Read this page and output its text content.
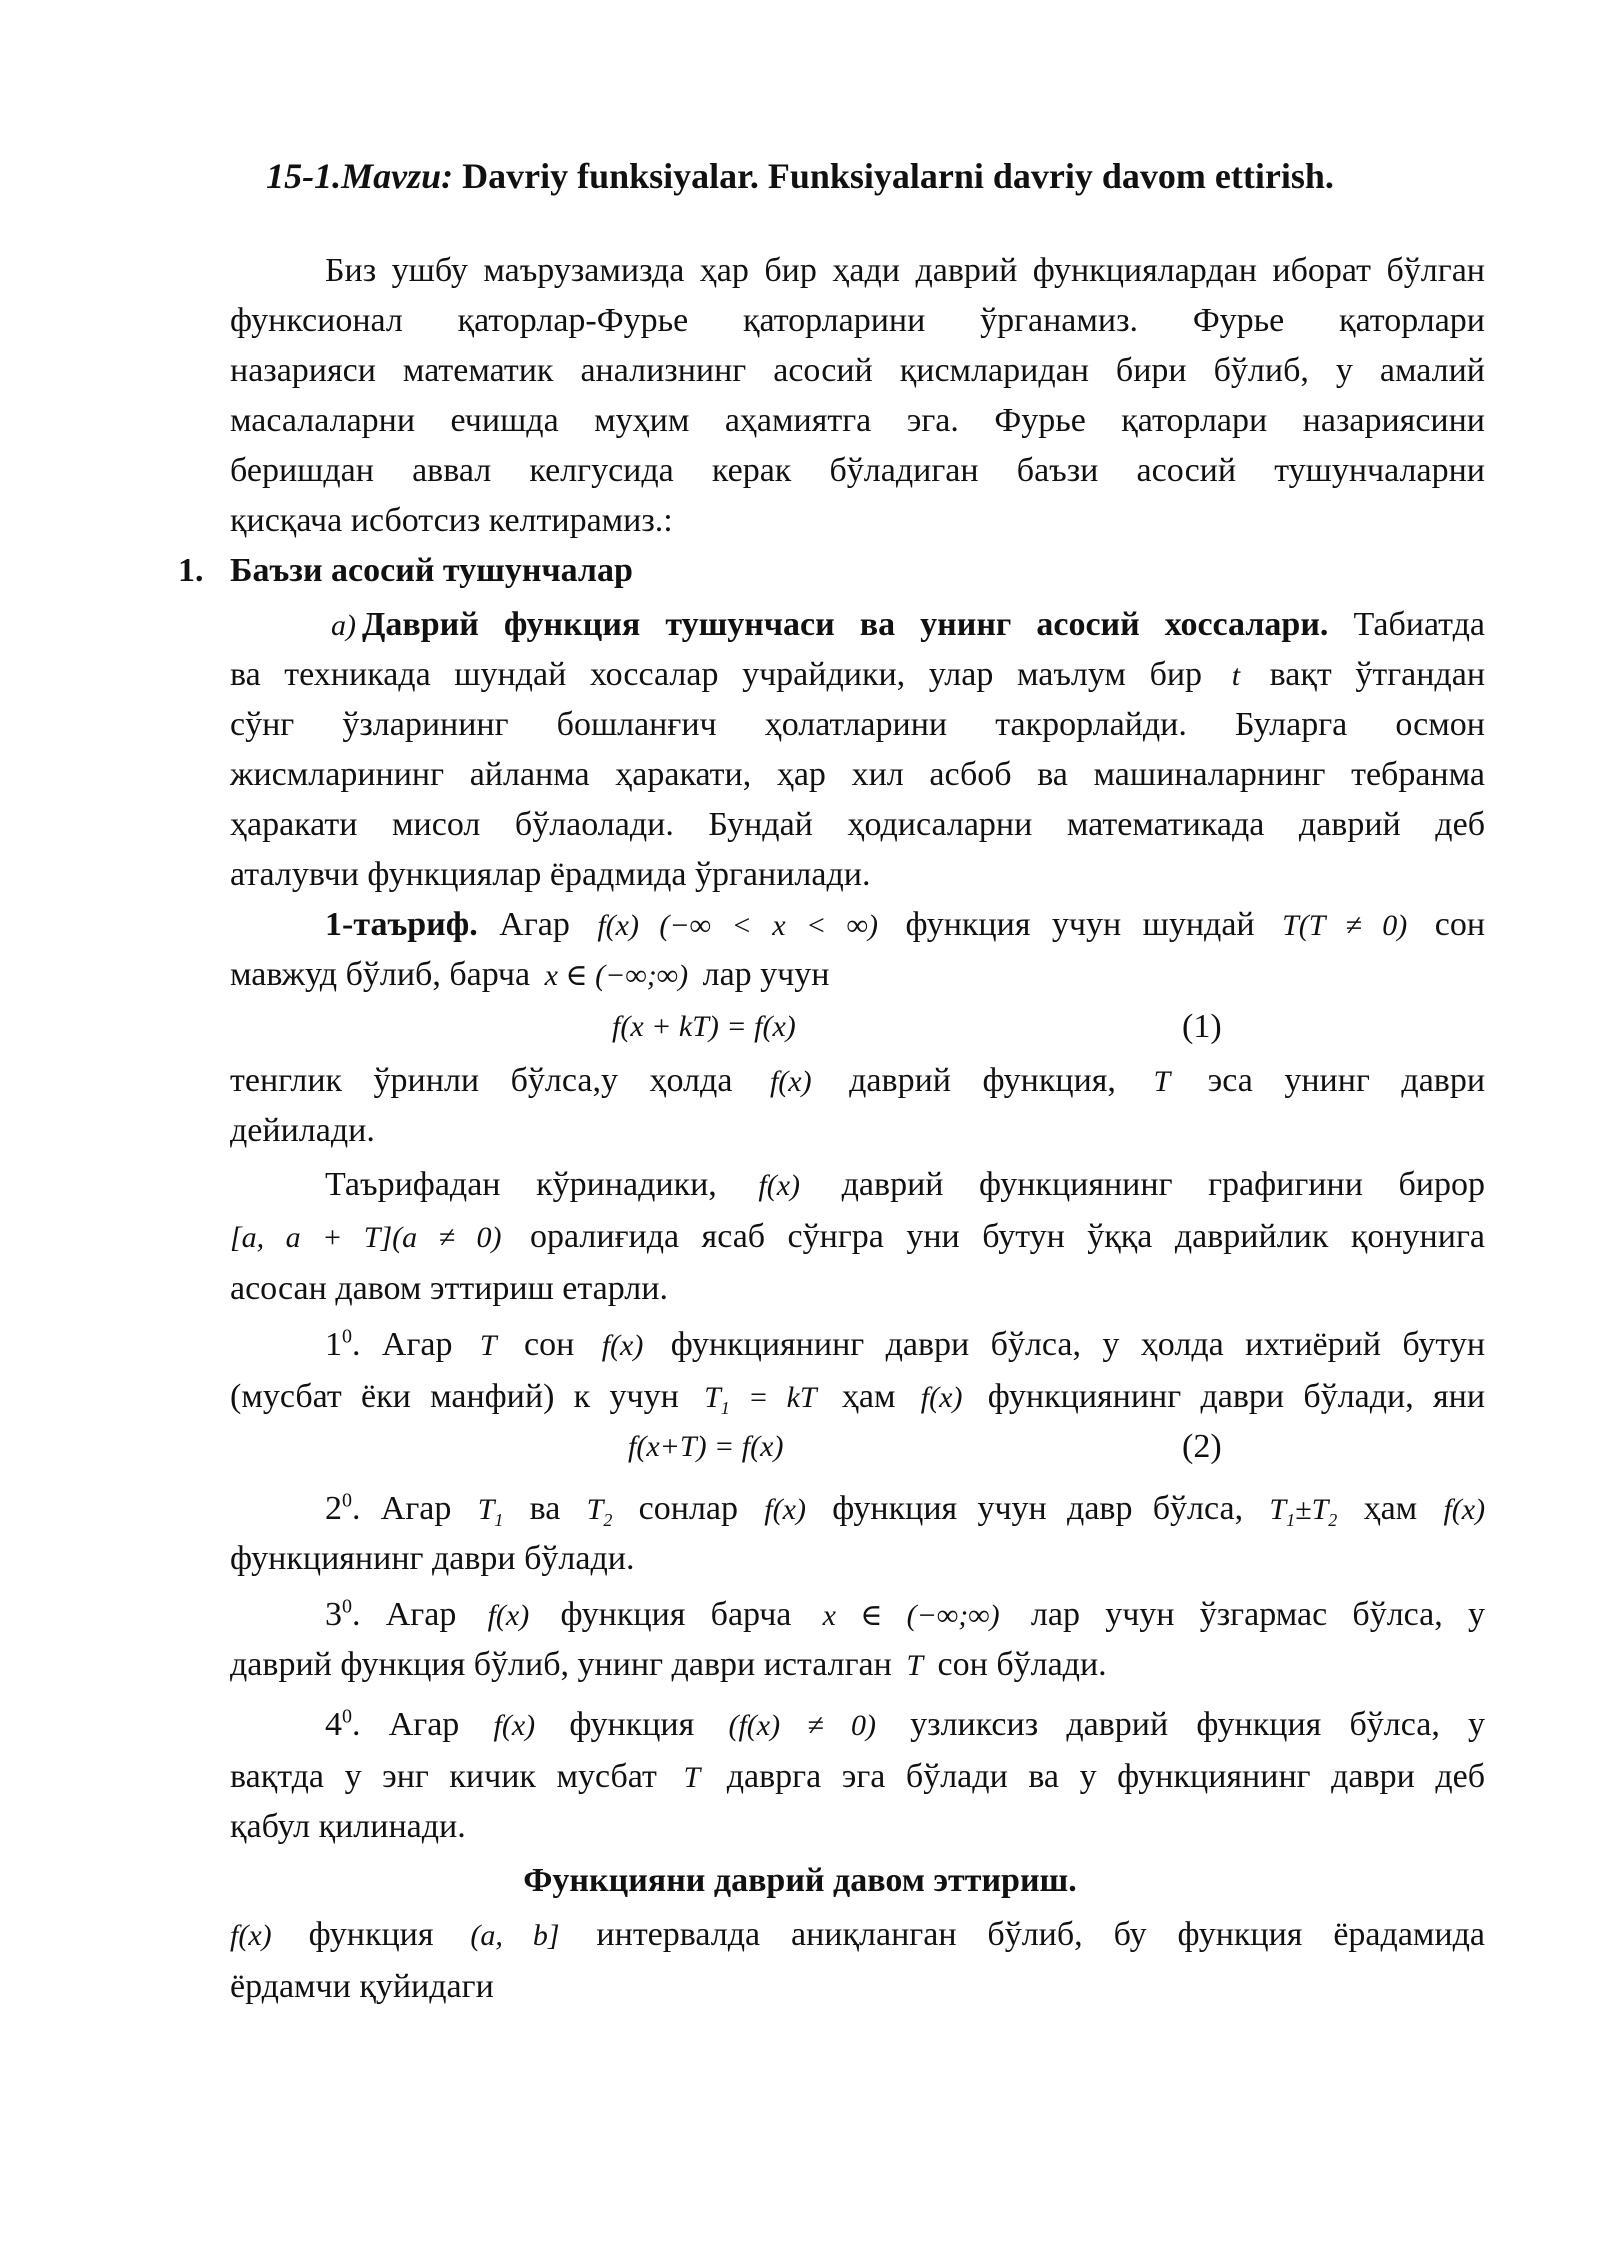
15-1.Mavzu: Davriy funksiyalar. Funksiyalarni davriy davom ettirish.
Биз ушбу маърузамизда ҳар бир ҳади даврий функциялардан иборат бўлган
функсионал қаторлар-Фурье қаторларини ўрганамиз. Фурье қаторлари
назарияси математик анализнинг асосий қисмларидан бири бўлиб, у амалий
масалаларни ечишда муҳим аҳамиятга эга. Фурье қаторлари назариясини
беришдан аввал келгусида керак бўладиган баъзи асосий тушунчаларни
қисқача исботсиз келтирамиз.:
1. Баъзи асосий тушунчалар
a) Даврий функция тушунчаси ва унинг асосий хоссалари. Табиатда
ва техникада шундай хоссалар учрайдики, улар маълум бир t вақт ўтгандан
сўнг ўзларининг бошланғич ҳолатларини такрорлайди. Буларга осмон
жисмларининг айланма ҳаракати, ҳар хил асбоб ва машиналарнинг тебранма
ҳаракати мисол бўлаолади. Бундай ҳодисаларни математикада даврий деб
аталувчи функциялар ёрадмида ўрганилади.
1-таъриф. Агар f(x) (−∞ < x < ∞) функция учун шундай T(T ≠ 0) сон
мавжуд бўлиб, барча x ∈ (−∞;∞) лар учун
f(x + kT) = f(x)	(1)
тенглик ўринли бўлса,у ҳолда f(x) даврий функция, T эса унинг даври
дейилади.
Таърифадан кўринадики, f(x) даврий функциянинг графигини бирор
[a, a + T](a ≠ 0) оралиғида ясаб сўнгра уни бутун ўққа даврийлик қонунига
асосан давом эттириш етарли.
$1^0$. Агар T сон f(x) функциянинг даври бўлса, у ҳолда ихтиёрий бутун
(мусбат ёки манфий) к учун $T_1$ = kT ҳам f(x) функциянинг даври бўлади, яни
f(x+T) = f(x)	(2)
$2^0$. Агар $T_1$ ва $T_2$ сонлар f(x) функция учун давр бўлса, $T_1\pm T_2$ ҳам f(x)
функциянинг даври бўлади.
$3^0$. Агар f(x) функция барча x ∈ (−∞;∞) лар учун ўзгармас бўлса, у
даврий функция бўлиб, унинг даври исталган T сон бўлади.
$4^0$. Агар f(x) функция (f(x) ≠ 0) узликсиз даврий функция бўлса, у
вақтда у энг кичик мусбат T даврга эга бўлади ва у функциянинг даври деб
қабул қилинади.
Функцияни даврий давом эттириш.
f(x) функция (a, b] интервалда аниқланган бўлиб, бу функция ёрадамида
ёрдамчи қуйидаги
